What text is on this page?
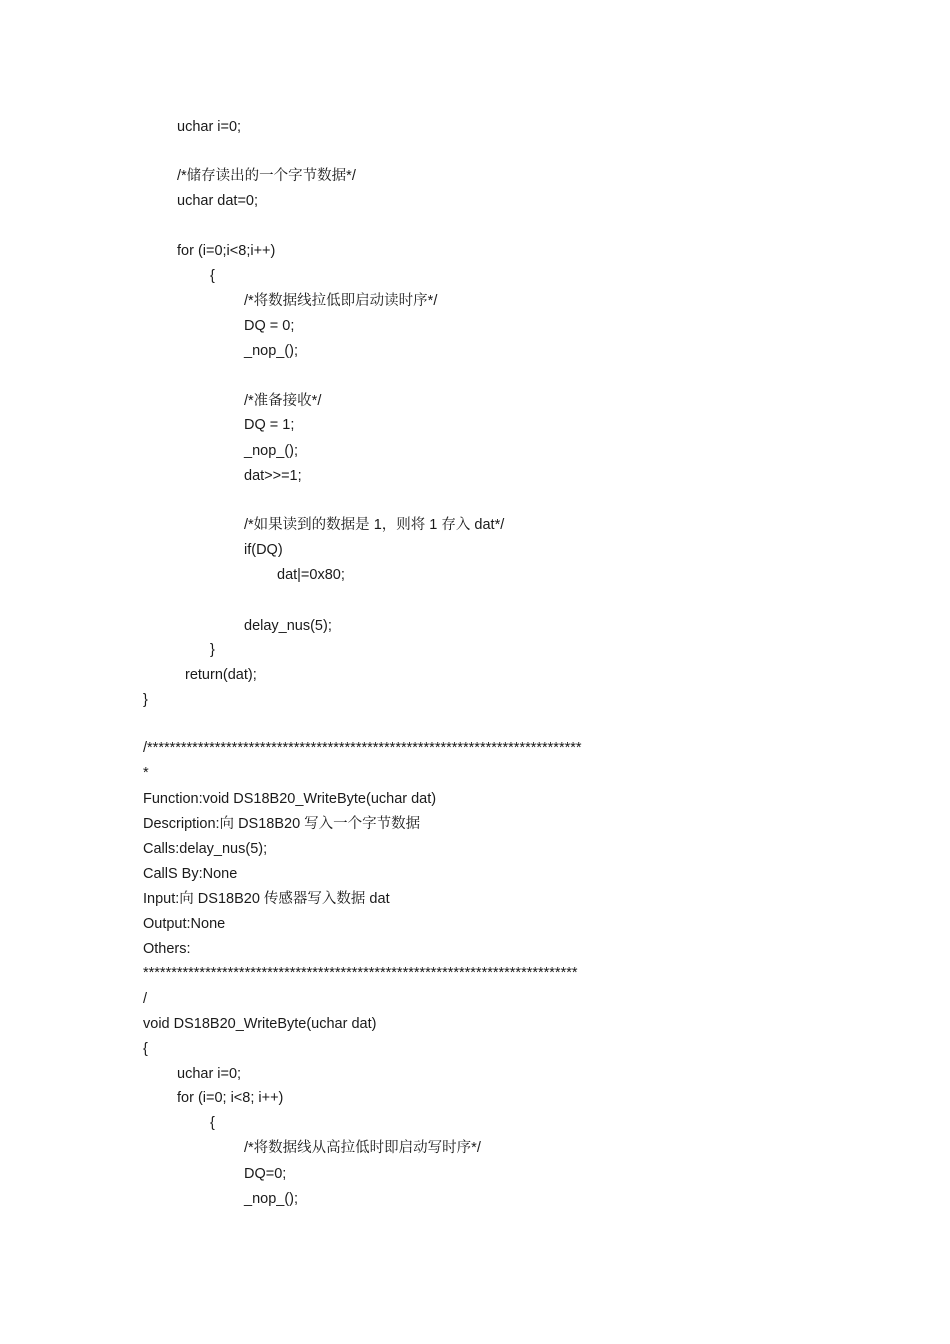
uchar i=0;
/*储存读出的一个字节数据*/
uchar dat=0;
for (i=0;i<8;i++)
{
/*将数据线拉低即启动读时序*/
DQ = 0;
_nop_();
/*准备接收*/
DQ = 1;
_nop_();
dat>>=1;
/*如果读到的数据是 1，则将 1 存入 dat*/
if(DQ)
dat|=0x80;
delay_nus(5);
}
return(dat);
}
/*****************************************************************************
*
Function:void DS18B20_WriteByte(uchar dat)
Description:向 DS18B20 写入一个字节数据
Calls:delay_nus(5);
CallS By:None
Input:向 DS18B20 传感器写入数据 dat
Output:None
Others:
*****************************************************************************
/
void DS18B20_WriteByte(uchar dat)
{
uchar i=0;
for (i=0; i<8; i++)
{
/*将数据线从高拉低时即启动写时序*/
DQ=0;
_nop_();
